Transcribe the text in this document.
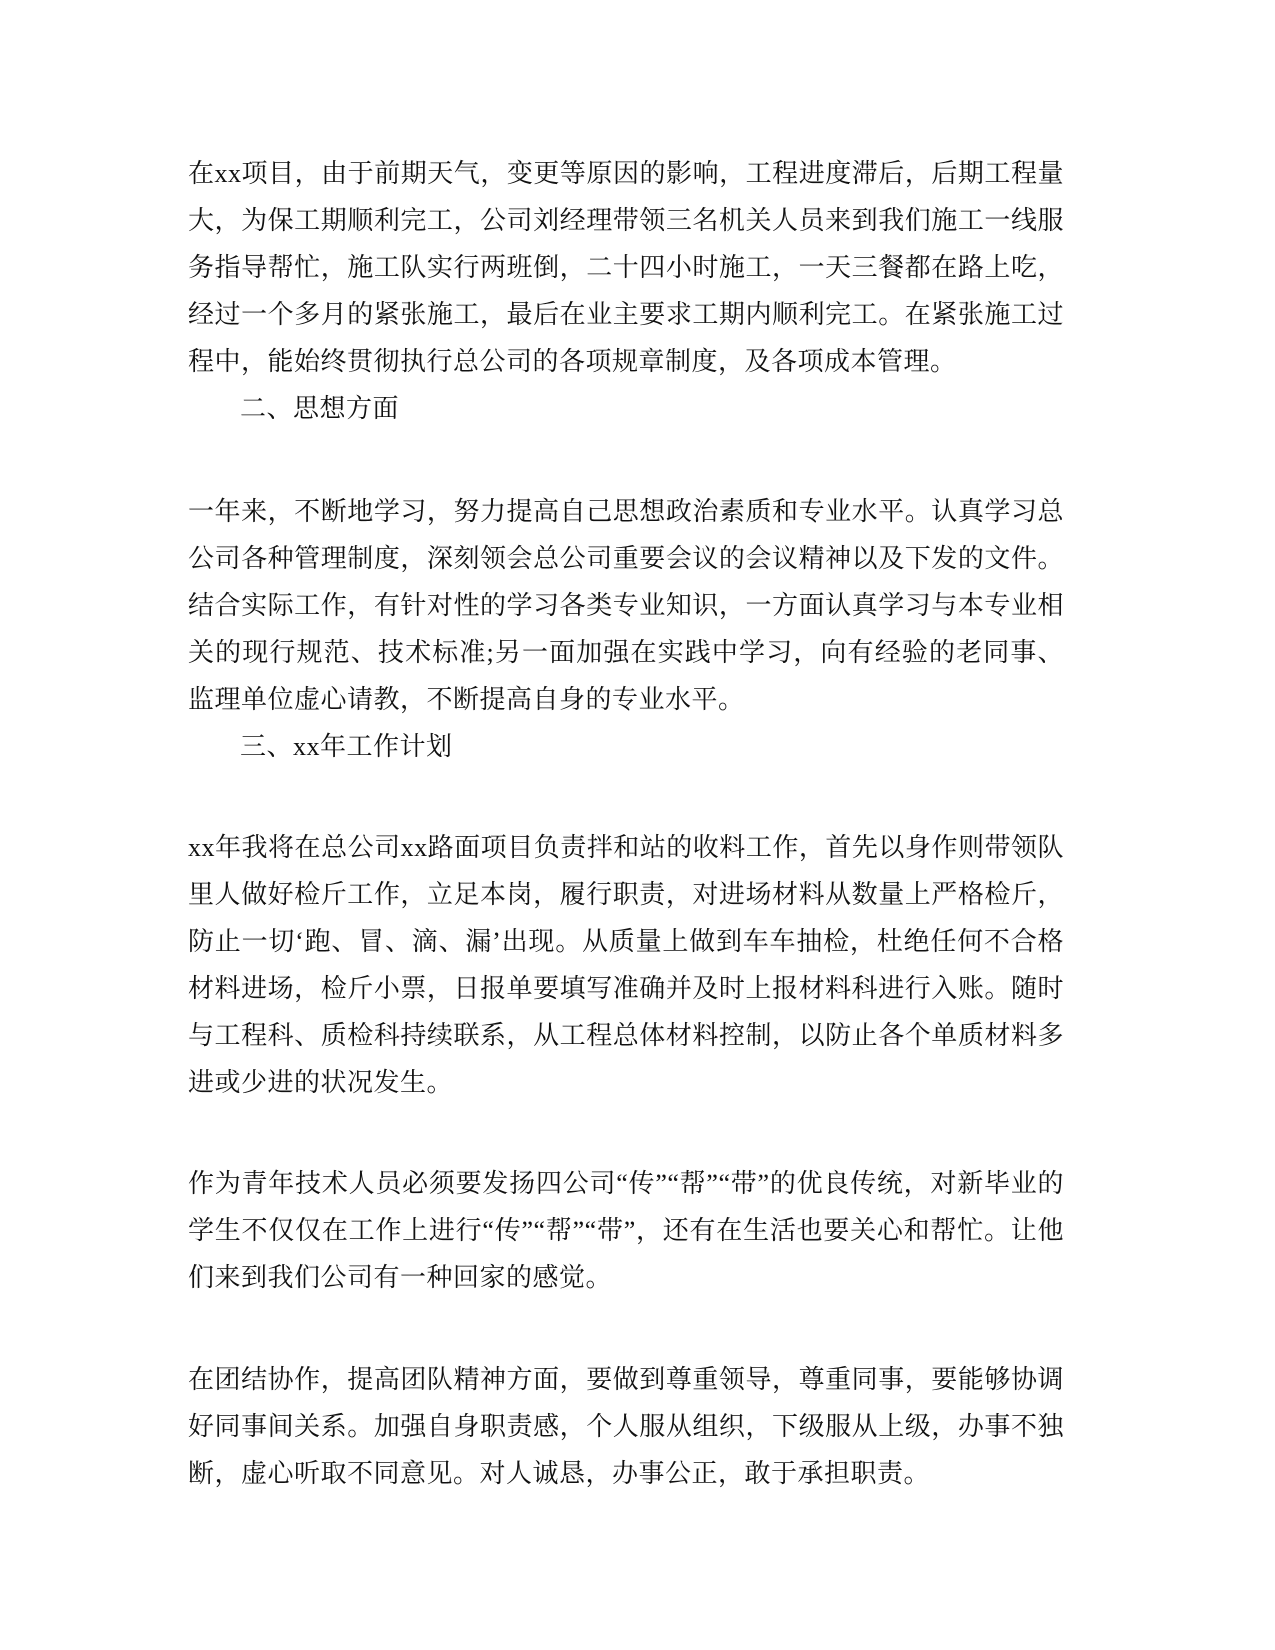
在xx项目，由于前期天气，变更等原因的影响，工程进度滞后，后期工程量大，为保工期顺利完工，公司刘经理带领三名机关人员来到我们施工一线服务指导帮忙，施工队实行两班倒，二十四小时施工，一天三餐都在路上吃，经过一个多月的紧张施工，最后在业主要求工期内顺利完工。在紧张施工过程中，能始终贯彻执行总公司的各项规章制度，及各项成本管理。

二、思想方面

一年来，不断地学习，努力提高自己思想政治素质和专业水平。认真学习总公司各种管理制度，深刻领会总公司重要会议的会议精神以及下发的文件。结合实际工作，有针对性的学习各类专业知识，一方面认真学习与本专业相关的现行规范、技术标准;另一面加强在实践中学习，向有经验的老同事、监理单位虚心请教，不断提高自身的专业水平。

三、xx年工作计划

xx年我将在总公司xx路面项目负责拌和站的收料工作，首先以身作则带领队里人做好检斤工作，立足本岗，履行职责，对进场材料从数量上严格检斤，防止一切‘跑、冒、滴、漏’出现。从质量上做到车车抽检，杜绝任何不合格材料进场，检斤小票，日报单要填写准确并及时上报材料科进行入账。随时与工程科、质检科持续联系，从工程总体材料控制，以防止各个单质材料多进或少进的状况发生。

作为青年技术人员必须要发扬四公司“传”“帮”“带”的优良传统，对新毕业的学生不仅仅在工作上进行“传”“帮”“带”，还有在生活也要关心和帮忙。让他们来到我们公司有一种回家的感觉。

在团结协作，提高团队精神方面，要做到尊重领导，尊重同事，要能够协调好同事间关系。加强自身职责感，个人服从组织，下级服从上级，办事不独断，虚心听取不同意见。对人诚恳，办事公正，敢于承担职责。
